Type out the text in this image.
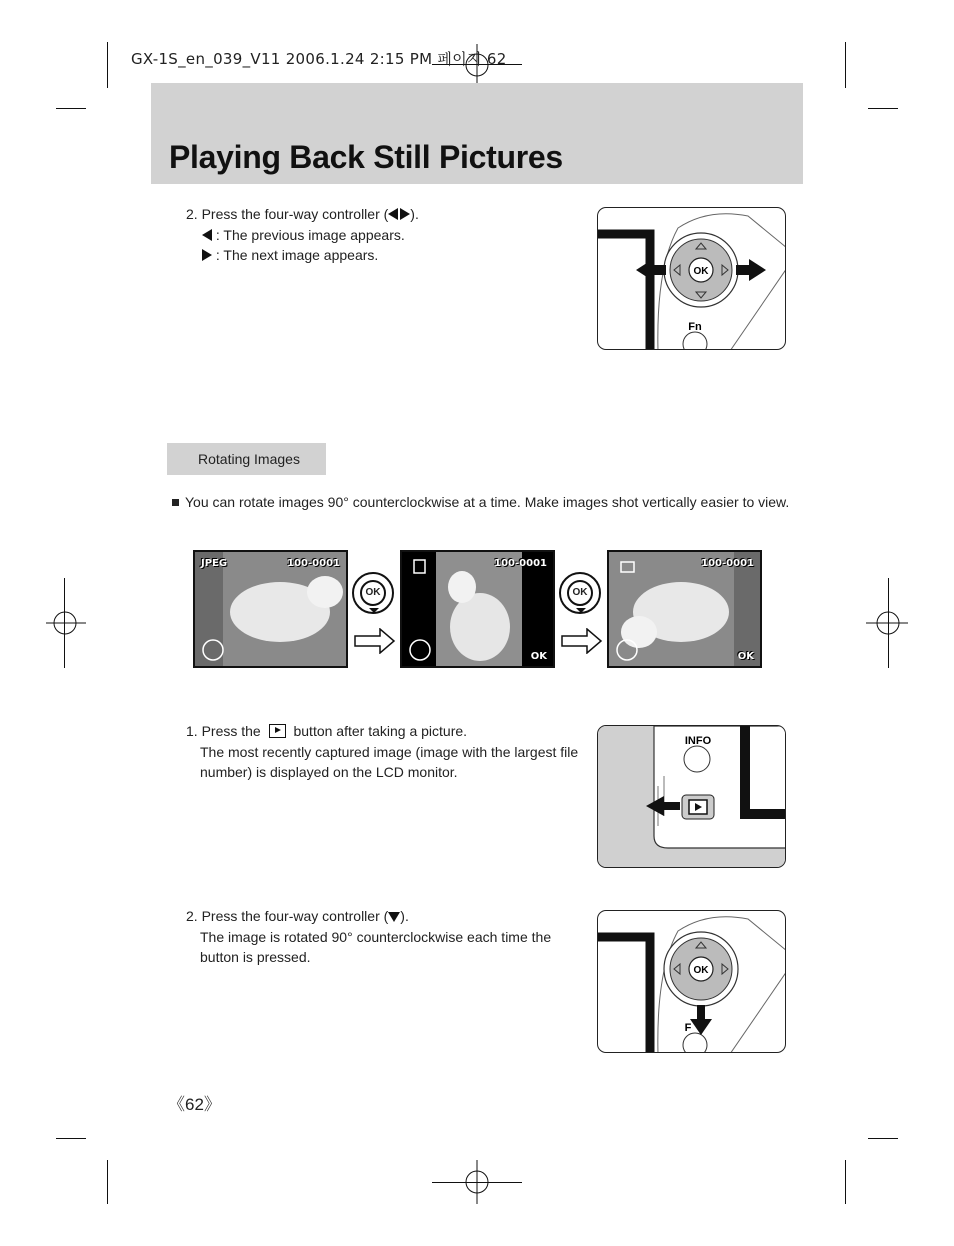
GX-1S_en_039_V11 2006.1.24 2:15 PM 페이지 62
Playing Back Still Pictures
2. Press the four-way controller ( ).
: The previous image appears.
: The next image appears.
OK
Fn
Rotating Images
You can rotate images 90° counterclockwise at a time. Make images shot vertically easier to view.
JPEG	100-0001
OK
100-0001
OK
OK
100-0001
OK
1. Press the button after taking a picture.
The most recently captured image (image with the largest file
number) is displayed on the LCD monitor.
INFO
2. Press the four-way controller ( ).
The image is rotated 90° counterclockwise each time the
button is pressed.
F
OK
《62》
